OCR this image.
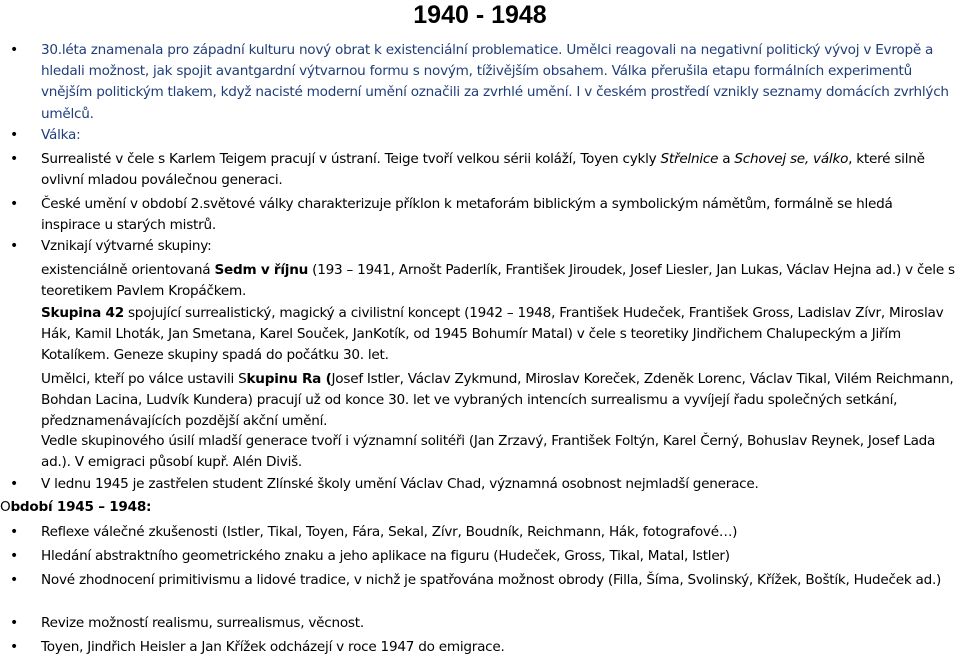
1940 - 1948
• 30.léta znamenala pro západní kulturu nový obrat k existenciální problematice. Umělci reagovali na negativní politický vývoj v Evropě a hledali možnost, jak spojit avantgardní výtvarnou formu s novým, tíživějším obsahem. Válka přerušila etapu formálních experimentů vnějším politickým tlakem, když nacisté moderní umění označili za zvrhlé umění. I v českém prostředí vznikly seznamy domácích zvrhlých umělců.
• Válka:
• Surrealisté v čele s Karlem Teigem pracují v ústraní. Teige tvoří velkou sérii koláží, Toyen cykly Střelnice a Schovej se, válko, které silně ovlivní mladou poválečnou generaci.
• České umění v období 2.světové války charakterizuje příklon k metaforám biblickým a symbolickým námětům, formálně se hledá inspirace u starých mistrů.
• Vznikají výtvarné skupiny:
existenciálně orientovaná Sedm v říjnu (193 – 1941, Arnošt Paderlík, František Jiroudek, Josef Liesler, Jan Lukas, Václav Hejna ad.) v čele s teoretikem Pavlem Kropáčkem.
Skupina 42 spojující surrealistický, magický a civilistní koncept (1942 – 1948, František Hudeček, František Gross, Ladislav Zívr, Miroslav Hák, Kamil Lhoták, Jan Smetana, Karel Souček, JanKotík, od 1945 Bohumír Matal) v čele s teoretiky Jindřichem Chalupeckým a Jiřím Kotalíkem. Geneze skupiny spadá do počátku 30. let.
Umělci, kteří po válce ustavili Skupinu Ra (Josef Istler, Václav Zykmund, Miroslav Koreček, Zdeněk Lorenc, Václav Tikal, Vilém Reichmann, Bohdan Lacina, Ludvík Kundera) pracují už od konce 30. let ve vybraných intencích surrealismu a vyvíjejí řadu společných setkání, předznamenávajících pozdější akční umění.
Vedle skupinového úsilí mladší generace tvoří i významní solitéři (Jan Zrzavý, František Foltýn, Karel Černý, Bohuslav Reynek, Josef Lada ad.). V emigraci působí kupř. Alén Diviš.
• V lednu 1945 je zastřelen student Zlínské školy umění Václav Chad, významná osobnost nejmladší generace.
Období 1945 – 1948:
• Reflexe válečné zkušenosti (Istler, Tikal, Toyen, Fára, Sekal, Zívr, Boudník, Reichmann, Hák, fotografové…)
• Hledání abstraktního geometrického znaku a jeho aplikace na figuru (Hudeček, Gross, Tikal, Matal, Istler)
• Nové zhodnocení primitivismu a lidové tradice, v nichž je spatřována možnost obrody (Filla, Šíma, Svolinský, Křížek, Boštík, Hudeček ad.)
• Revize možností realismu, surrealismus, věcnost.
• Toyen, Jindřich Heisler a Jan Křížek odcházejí v roce 1947 do emigrace.
